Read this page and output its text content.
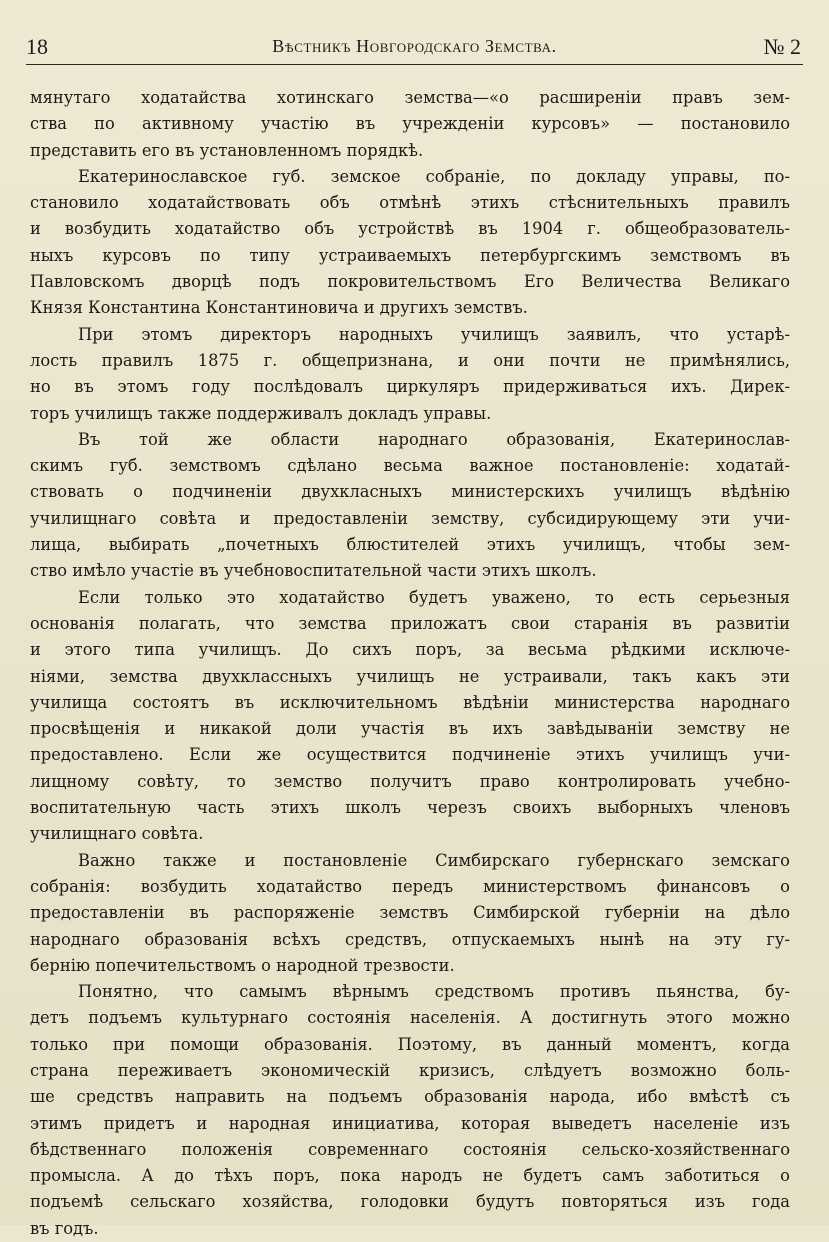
18	Вѣстникъ Новгородскаго Земства.	№ 2
мянутаго ходатайства хотинскаго земства—«о расширеніи правъ зем-
ства по активному участію въ учрежденіи курсовъ» — постановило
представить его въ установленномъ порядкѣ.
Екатеринославское губ. земское собраніе, по докладу управы, по-
становило ходатайствовать объ отмѣнѣ этихъ стѣснительныхъ правилъ
и возбудить ходатайство объ устройствѣ въ 1904 г. общеобразователь-
ныхъ курсовъ по типу устраиваемыхъ петербургскимъ земствомъ въ
Павловскомъ дворцѣ подъ покровительствомъ Его Величества Великаго
Князя Константина Константиновича и другихъ земствъ.
При этомъ директоръ народныхъ училищъ заявилъ, что устарѣ-
лость правилъ 1875 г. общепризнана, и они почти не примѣнялись,
но въ этомъ году послѣдовалъ циркуляръ придерживаться ихъ. Дирек-
торъ училищъ также поддерживалъ докладъ управы.
Въ той же области народнаго образованія, Екатеринослав-
скимъ губ. земствомъ сдѣлано весьма важное постановленіе: ходатай-
ствовать о подчиненіи двухкласныхъ министерскихъ училищъ вѣдѣнію
училищнаго совѣта и предоставленіи земству, субсидирующему эти учи-
лища, выбирать „почетныхъ блюстителей этихъ училищъ, чтобы зем-
ство имѣло участіе въ учебновоспитательной части этихъ школъ.
Если только это ходатайство будетъ уважено, то есть серьезныя
основанія полагать, что земства приложатъ свои старанія въ развитіи
и этого типа училищъ. До сихъ поръ, за весьма рѣдкими исключе-
ніями, земства двухклассныхъ училищъ не устраивали, такъ какъ эти
училища состоятъ въ исключительномъ вѣдѣніи министерства народнаго
просвѣщенія и никакой доли участія въ ихъ завѣдываніи земству не
предоставлено. Если же осуществится подчиненіе этихъ училищъ учи-
лищному совѣту, то земство получитъ право контролировать учебно-
воспитательную часть этихъ школъ черезъ своихъ выборныхъ членовъ
училищнаго совѣта.
Важно также и постановленіе Симбирскаго губернскаго земскаго
собранія: возбудить ходатайство передъ министерствомъ финансовъ о
предоставленіи въ распоряженіе земствъ Симбирской губерніи на дѣло
народнаго образованія всѣхъ средствъ, отпускаемыхъ нынѣ на эту гу-
бернію попечительствомъ о народной трезвости.
Понятно, что самымъ вѣрнымъ средствомъ противъ пьянства, бу-
детъ подъемъ культурнаго состоянія населенія. А достигнуть этого можно
только при помощи образованія. Поэтому, въ данный моментъ, когда
страна переживаетъ экономическій кризисъ, слѣдуетъ возможно боль-
ше средствъ направить на подъемъ образованія народа, ибо вмѣстѣ съ
этимъ придетъ и народная инициатива, которая выведетъ населеніе изъ
бѣдственнаго положенія современнаго состоянія сельско-хозяйственнаго
промысла. А до тѣхъ поръ, пока народъ не будетъ самъ заботиться о
подъемѣ сельскаго хозяйства, голодовки будутъ повторяться изъ года
въ годъ.
